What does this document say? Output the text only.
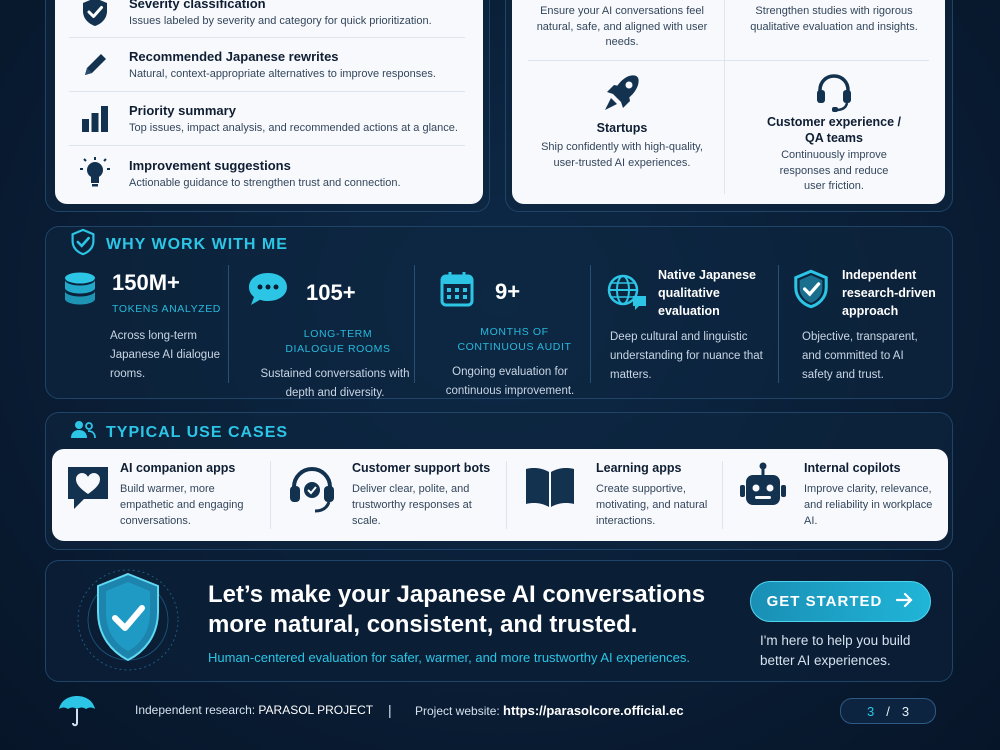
Severity classification
Issues labeled by severity and category for quick prioritization.
Recommended Japanese rewrites
Natural, context-appropriate alternatives to improve responses.
Priority summary
Top issues, impact analysis, and recommended actions at a glance.
Improvement suggestions
Actionable guidance to strengthen trust and connection.
Ensure your AI conversations feel natural, safe, and aligned with user needs.
Strengthen studies with rigorous qualitative evaluation and insights.
Startups
Ship confidently with high-quality, user-trusted AI experiences.
Customer experience / QA teams
Continuously improve responses and reduce user friction.
WHY WORK WITH ME
150M+
TOKENS ANALYZED
Across long-term Japanese AI dialogue rooms.
105+
LONG-TERM DIALOGUE ROOMS
Sustained conversations with depth and diversity.
9+
MONTHS OF CONTINUOUS AUDIT
Ongoing evaluation for continuous improvement.
Native Japanese qualitative evaluation
Deep cultural and linguistic understanding for nuance that matters.
Independent research-driven approach
Objective, transparent, and committed to AI safety and trust.
TYPICAL USE CASES
AI companion apps
Build warmer, more empathetic and engaging conversations.
Customer support bots
Deliver clear, polite, and trustworthy responses at scale.
Learning apps
Create supportive, motivating, and natural interactions.
Internal copilots
Improve clarity, relevance, and reliability in workplace AI.
Let’s make your Japanese AI conversations
more natural, consistent, and trusted.
Human-centered evaluation for safer, warmer, and more trustworthy AI experiences.
GET STARTED
I'm here to help you build
better AI experiences.
Independent research: PARASOL PROJECT | Project website: https://parasolcore.official.ec	3 / 3
